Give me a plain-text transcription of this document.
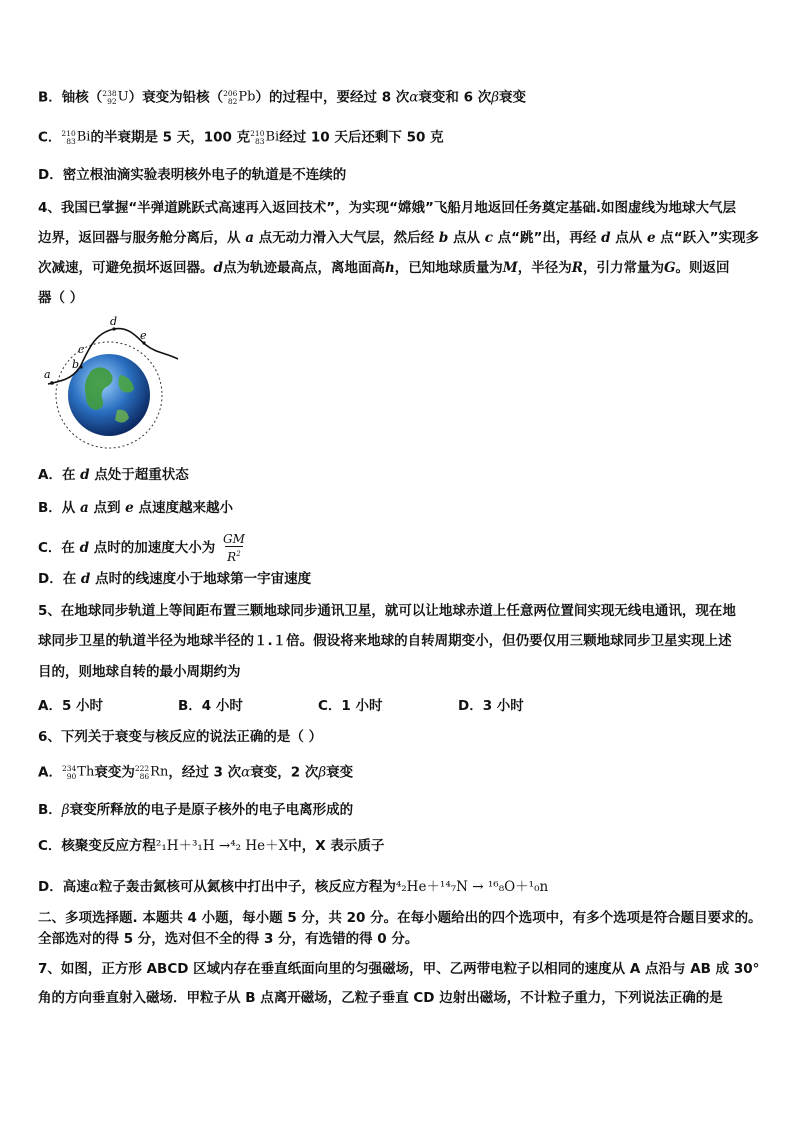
B．铀核（ 238
92 U）衰变为铅核（ 206
82 Pb）的过程中，要经过 8 次α衰变和 6 次β衰变
C． 210
83 Bi的半衰期是 5 天，100 克 210
83 Bi经过 10 天后还剩下 50 克
D．密立根油滴实验表明核外电子的轨道是不连续的
4、我国已掌握“半弹道跳跃式高速再入返回技术”，为实现“嫦娥”飞船月地返回任务奠定基础.如图虚线为地球大气层
边界，返回器与服务舱分离后，从 a 点无动力滑入大气层，然后经 b 点从 c 点“跳”出，再经 d 点从 e 点“跃入”实现多
次减速，可避免损坏返回器。d点为轨迹最高点，离地面高h，已知地球质量为M，半径为R，引力常量为G。则返回
器（ ）
a
b
c
d
e
A．在 d 点处于超重状态
B．从 a 点到 e 点速度越来越小
C．在 d 点时的加速度大小为 $\frac{GM}{R^2}$
D．在 d 点时的线速度小于地球第一宇宙速度
5、在地球同步轨道上等间距布置三颗地球同步通讯卫星，就可以让地球赤道上任意两位置间实现无线电通讯，现在地
球同步卫星的轨道半径为地球半径的１.１倍。假设将来地球的自转周期变小，但仍要仅用三颗地球同步卫星实现上述
目的，则地球自转的最小周期约为
A．5 小时	B．4 小时	C．1 小时	D．3 小时
6、下列关于衰变与核反应的说法正确的是（ ）
A． 234
90 Th衰变为 222
86 Rn，经过 3 次α衰变，2 次β衰变
B．β衰变所释放的电子是原子核外的电子电离形成的
C．核聚变反应方程²₁H＋³₁H →⁴₂ He＋X中，X 表示质子
D．高速α粒子轰击氮核可从氮核中打出中子，核反应方程为⁴₂He＋¹⁴₇N → ¹⁶₈O＋¹₀n
二、多项选择题. 本题共 4 小题，每小题 5 分，共 20 分。在每小题给出的四个选项中，有多个选项是符合题目要求的。
全部选对的得 5 分，选对但不全的得 3 分，有选错的得 0 分。
7、如图，正方形 ABCD 区域内存在垂直纸面向里的匀强磁场，甲、乙两带电粒子以相同的速度从 A 点沿与 AB 成 30°
角的方向垂直射入磁场．甲粒子从 B 点离开磁场，乙粒子垂直 CD 边射出磁场，不计粒子重力，下列说法正确的是
